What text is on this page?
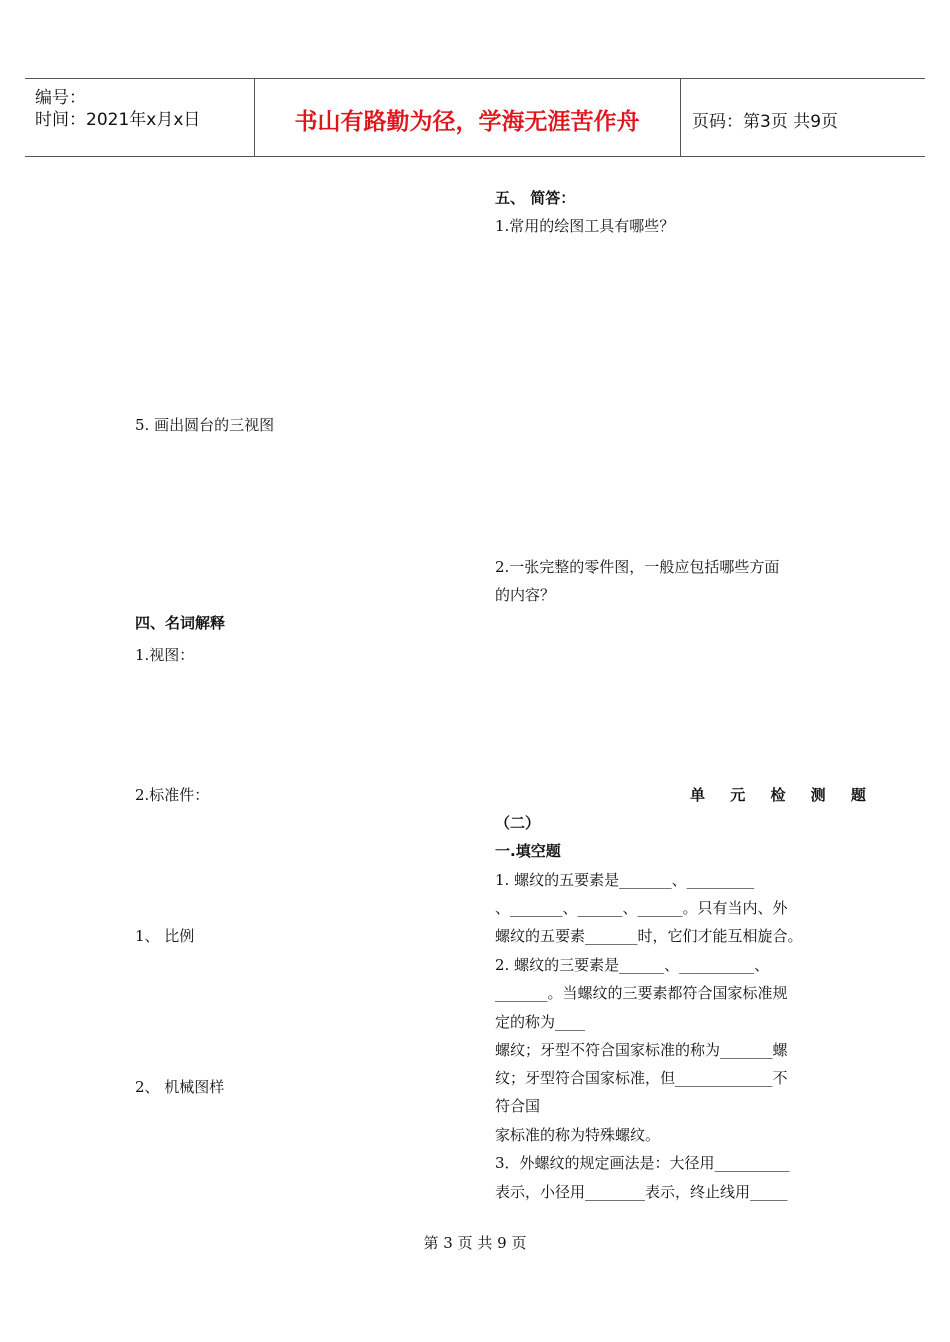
编号：
时间：2021年x月x日	书山有路勤为径，学海无涯苦作舟	页码：第3页 共9页
5. 画出圆台的三视图
四、名词解释
1.视图：
2.标准件：
1、 比例
2、 机械图样
五、 简答：
1.常用的绘图工具有哪些？
2.一张完整的零件图，一般应包括哪些方面
的内容？
单 元 检 测 题
（二）
一.填空题
1. 螺纹的五要素是_______、_________
、_______、______、______。只有当内、外
螺纹的五要素_______时，它们才能互相旋合。
2. 螺纹的三要素是______、__________、
_______。当螺纹的三要素都符合国家标准规
定的称为____
螺纹；牙型不符合国家标准的称为_______螺
纹；牙型符合国家标准，但_____________不
符合国
家标准的称为特殊螺纹。
3．外螺纹的规定画法是：大径用__________
表示，小径用________表示，终止线用_____
第 3 页 共 9 页
